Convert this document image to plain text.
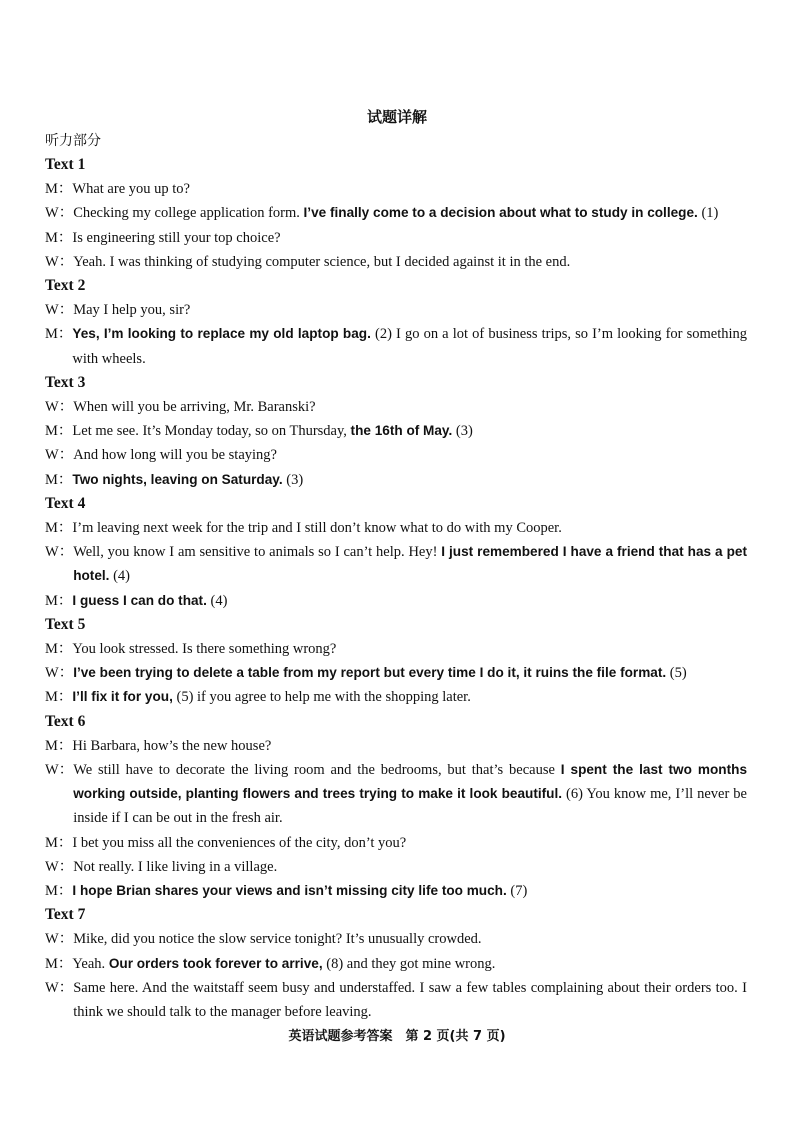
试题详解
听力部分
Text 1
M： What are you up to?
W： Checking my college application form. I’ve finally come to a decision about what to study in college. (1)
M： Is engineering still your top choice?
W： Yeah. I was thinking of studying computer science, but I decided against it in the end.
Text 2
W： May I help you, sir?
M： Yes, I’m looking to replace my old laptop bag. (2) I go on a lot of business trips, so I’m looking for something with wheels.
Text 3
W： When will you be arriving, Mr. Baranski?
M： Let me see. It’s Monday today, so on Thursday, the 16th of May. (3)
W： And how long will you be staying?
M： Two nights, leaving on Saturday. (3)
Text 4
M： I’m leaving next week for the trip and I still don’t know what to do with my Cooper.
W： Well, you know I am sensitive to animals so I can’t help. Hey! I just remembered I have a friend that has a pet hotel. (4)
M： I guess I can do that. (4)
Text 5
M： You look stressed. Is there something wrong?
W： I’ve been trying to delete a table from my report but every time I do it, it ruins the file format. (5)
M： I’ll fix it for you, (5) if you agree to help me with the shopping later.
Text 6
M： Hi Barbara, how’s the new house?
W： We still have to decorate the living room and the bedrooms, but that’s because I spent the last two months working outside, planting flowers and trees trying to make it look beautiful. (6) You know me, I’ll never be inside if I can be out in the fresh air.
M： I bet you miss all the conveniences of the city, don’t you?
W： Not really. I like living in a village.
M： I hope Brian shares your views and isn’t missing city life too much. (7)
Text 7
W： Mike, did you notice the slow service tonight? It’s unusually crowded.
M： Yeah. Our orders took forever to arrive, (8) and they got mine wrong.
W： Same here. And the waitstaff seem busy and understaffed. I saw a few tables complaining about their orders too. I think we should talk to the manager before leaving.
英语试题参考答案　第 2 页(共 7 页)
